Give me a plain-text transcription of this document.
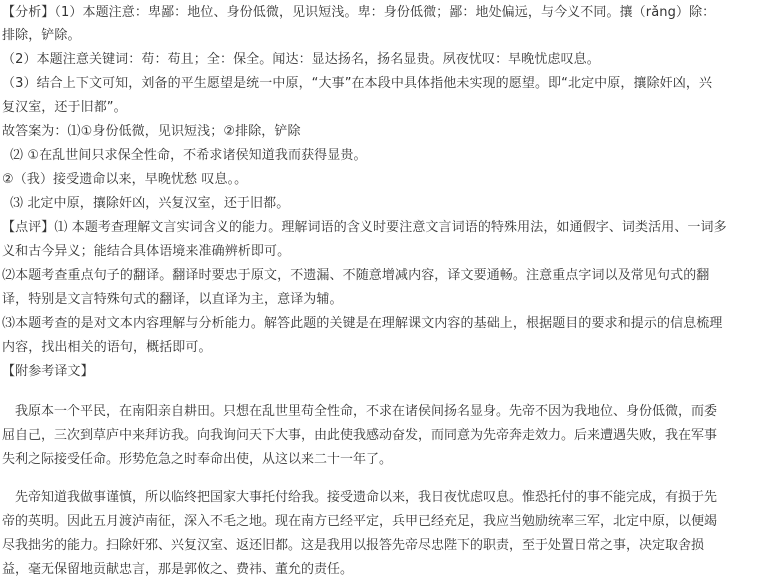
【分析】（1）本题注意：卑鄙：地位、身份低微，见识短浅。卑：身份低微；鄙：地处偏远，与今义不同。攘（rǎng）除：
排除，铲除。
（2）本题注意关键词：苟：苟且；全：保全。闻达：显达扬名，扬名显贵。夙夜忧叹：早晚忧虑叹息。
（3）结合上下文可知，刘备的平生愿望是统一中原，“大事”在本段中具体指他未实现的愿望。即“北定中原，攘除奸凶，兴
复汉室，还于旧都”。
故答案为：⑴①身份低微，见识短浅；②排除，铲除
⑵ ①在乱世间只求保全性命，不希求诸侯知道我而获得显贵。
②（我）接受遗命以来，早晚忧愁 叹息。。
⑶ 北定中原，攘除奸凶，兴复汉室，还于旧都。
【点评】⑴ 本题考查理解文言实词含义的能力。理解词语的含义时要注意文言词语的特殊用法，如通假字、词类活用、一词多
义和古今异义；能结合具体语境来准确辨析即可。
⑵本题考查重点句子的翻译。翻译时要忠于原文，不遗漏、不随意增减内容，译文要通畅。注意重点字词以及常见句式的翻
译，特别是文言特殊句式的翻译，以直译为主，意译为辅。
⑶本题考查的是对文本内容理解与分析能力。解答此题的关键是在理解课文内容的基础上，根据题目的要求和提示的信息梳理
内容，找出相关的语句，概括即可。
【附参考译文】
　我原本一个平民，在南阳亲自耕田。只想在乱世里苟全性命，不求在诸侯间扬名显身。先帝不因为我地位、身份低微，而委
屈自己，三次到草庐中来拜访我。向我询问天下大事，由此使我感动奋发，而同意为先帝奔走效力。后来遭遇失败，我在军事
失利之际接受任命。形势危急之时奉命出使，从这以来二十一年了。
　先帝知道我做事谨慎，所以临终把国家大事托付给我。接受遗命以来，我日夜忧虑叹息。惟恐托付的事不能完成，有损于先
帝的英明。因此五月渡泸南征，深入不毛之地。现在南方已经平定，兵甲已经充足，我应当勉励统率三军，北定中原，以便竭
尽我拙劣的能力。扫除奸邪、兴复汉室、返还旧都。这是我用以报答先帝尽忠陛下的职责，至于处置日常之事，决定取舍损
益，毫无保留地贡献忠言，那是郭攸之、费祎、董允的责任。
